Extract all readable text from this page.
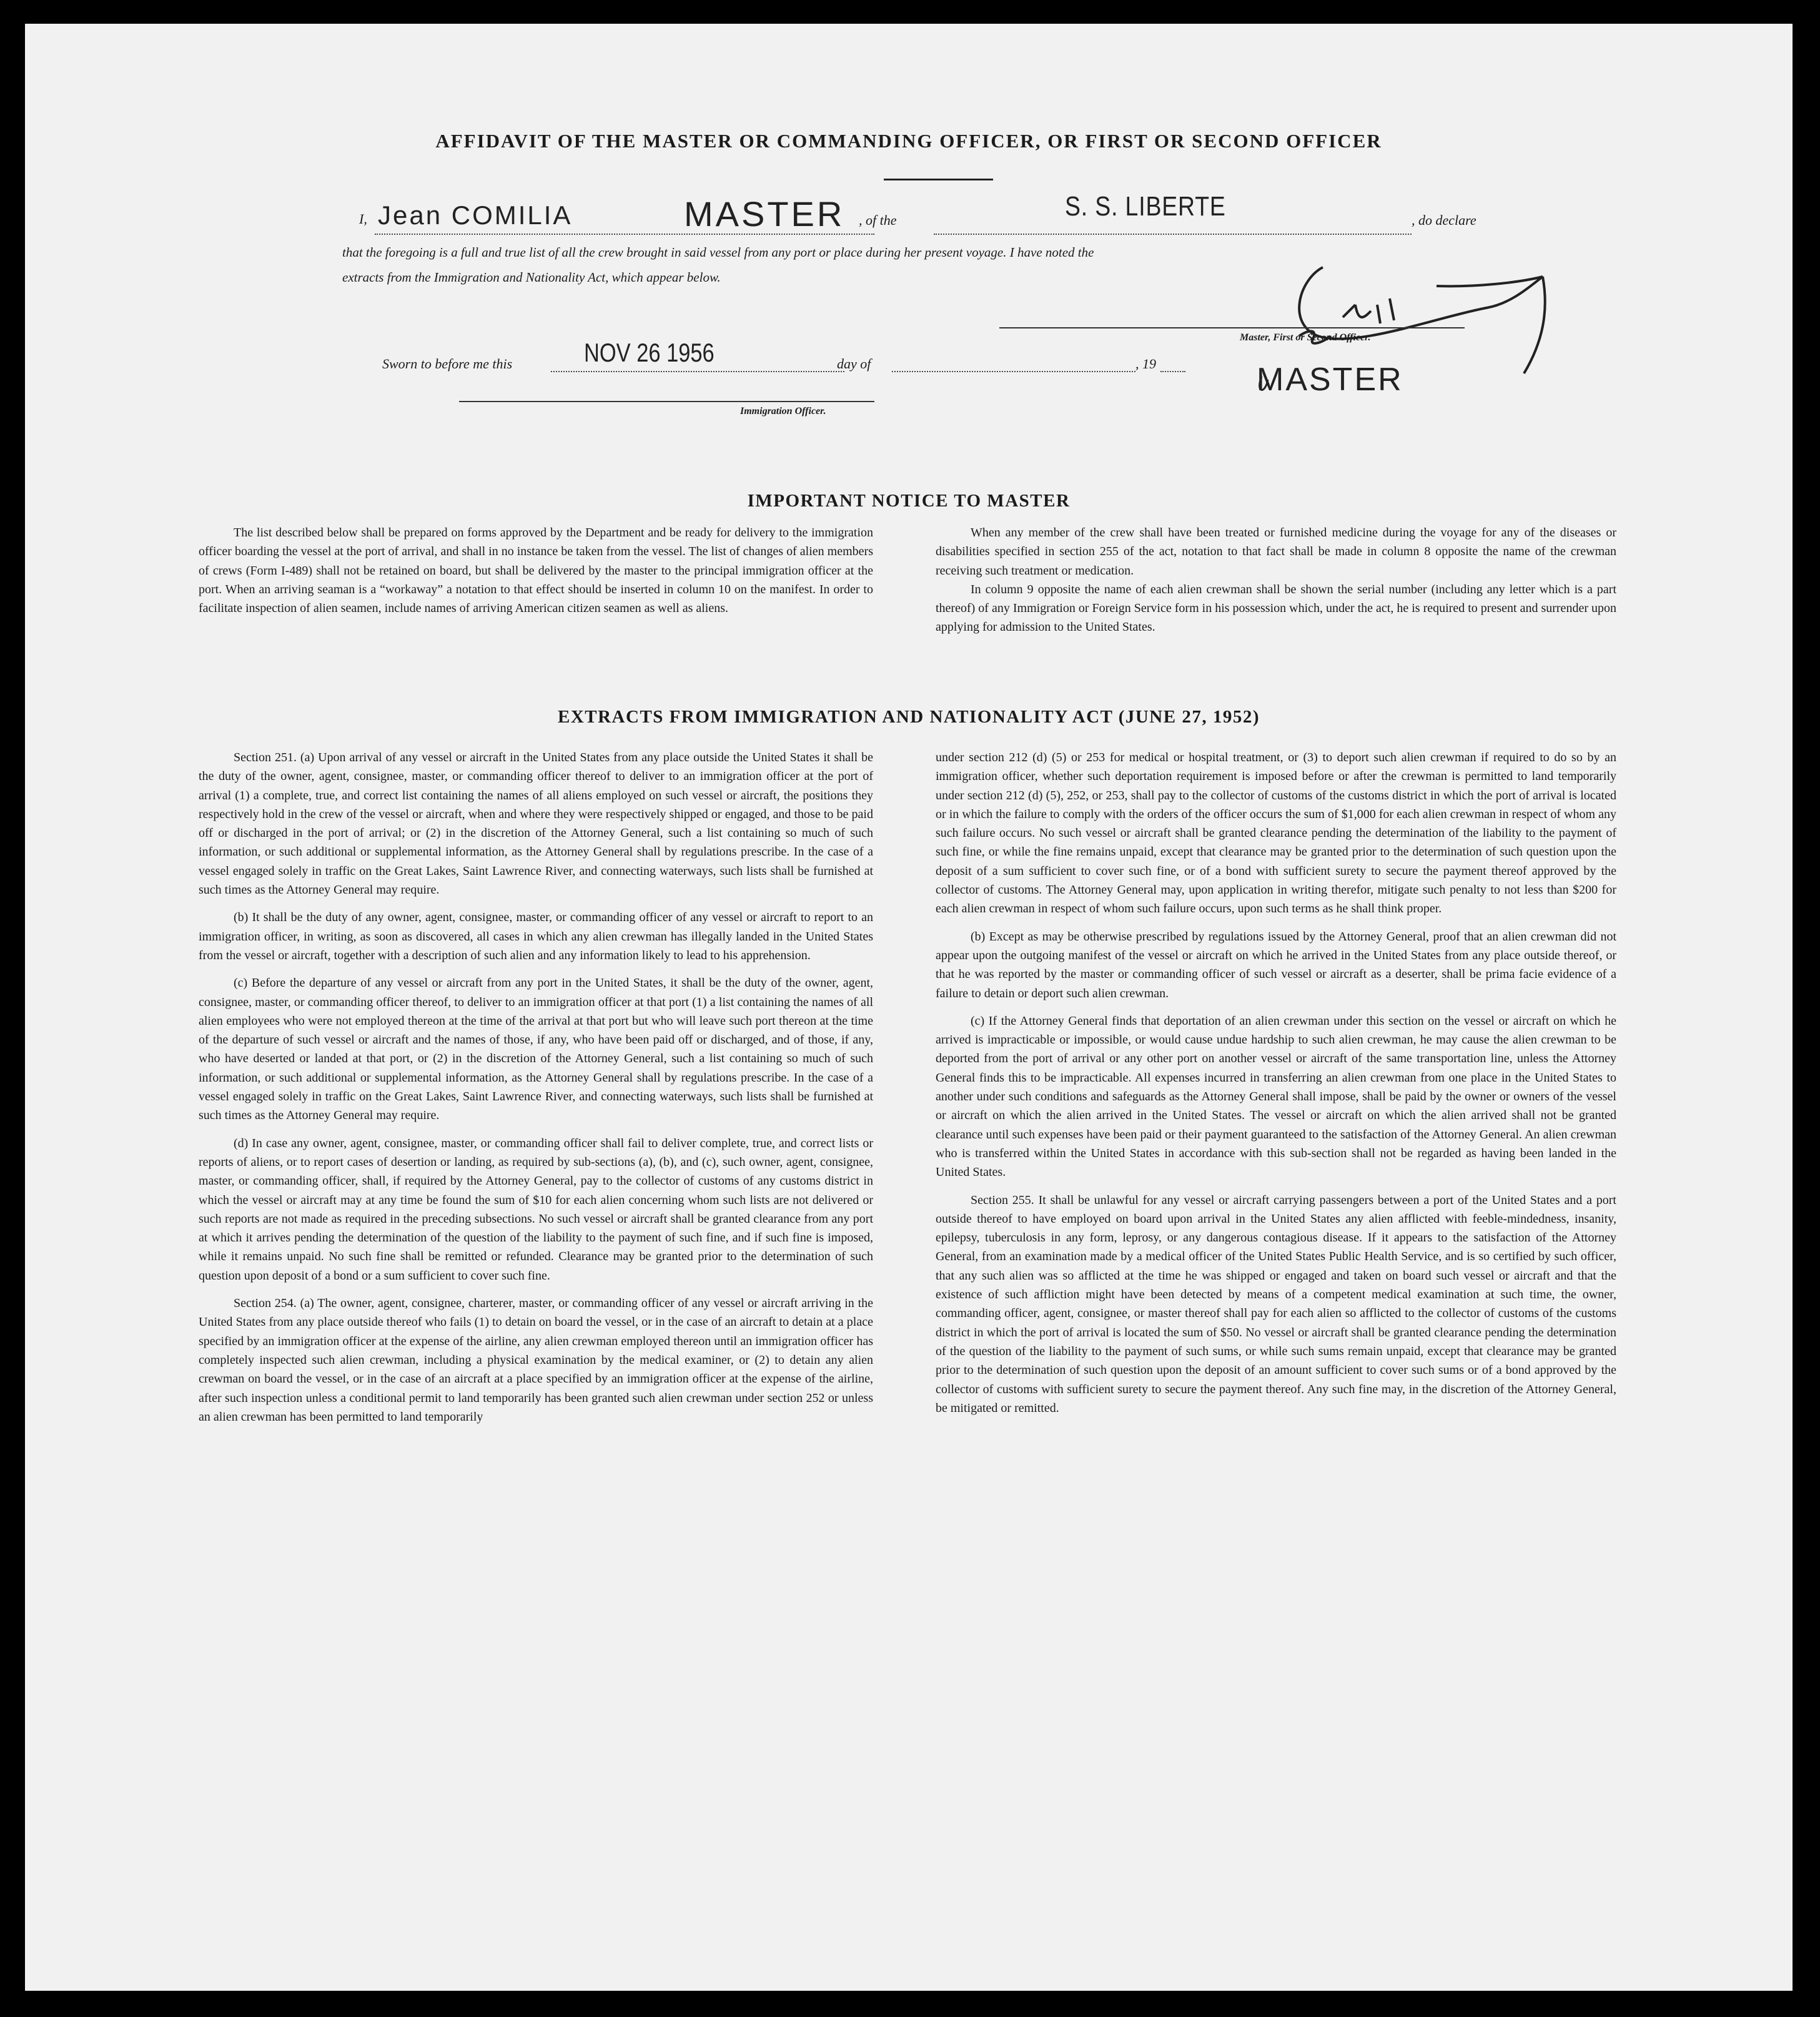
AFFIDAVIT OF THE MASTER OR COMMANDING OFFICER, OR FIRST OR SECOND OFFICER
I, Jean COMILIA	MASTER , of the	S. S. LIBERTE	, do declare
that the foregoing is a full and true list of all the crew brought in said vessel from any port or place during her present voyage. I have noted the
extracts from the Immigration and Nationality Act, which appear below.
Master, First or Second Officer.
MASTER
Sworn to before me this	NOV 26 1956	day of	, 19
Immigration Officer.
IMPORTANT NOTICE TO MASTER

The list described below shall be prepared on forms approved by the Department and be ready for delivery to the immigration officer boarding the vessel at the port of arrival, and shall in no instance be taken from the vessel. The list of changes of alien members of crews (Form I-489) shall not be retained on board, but shall be delivered by the master to the principal immigration officer at the port. When an arriving seaman is a “workaway” a notation to that effect should be inserted in column 10 on the manifest. In order to facilitate inspection of alien seamen, include names of arriving American citizen seamen as well as aliens.

When any member of the crew shall have been treated or furnished medicine during the voyage for any of the diseases or disabilities specified in section 255 of the act, notation to that fact shall be made in column 8 opposite the name of the crewman receiving such treatment or medication.

In column 9 opposite the name of each alien crewman shall be shown the serial number (including any letter which is a part thereof) of any Immigration or Foreign Service form in his possession which, under the act, he is required to present and surrender upon applying for admission to the United States.

EXTRACTS FROM IMMIGRATION AND NATIONALITY ACT (JUNE 27, 1952)

Section 251. (a) Upon arrival of any vessel or aircraft in the United States from any place outside the United States it shall be the duty of the owner, agent, consignee, master, or commanding officer thereof to deliver to an immigration officer at the port of arrival (1) a complete, true, and correct list containing the names of all aliens employed on such vessel or aircraft, the positions they respectively hold in the crew of the vessel or aircraft, when and where they were respectively shipped or engaged, and those to be paid off or discharged in the port of arrival; or (2) in the discretion of the Attorney General, such a list containing so much of such information, or such additional or supplemental information, as the Attorney General shall by regulations prescribe. In the case of a vessel engaged solely in traffic on the Great Lakes, Saint Lawrence River, and connecting waterways, such lists shall be furnished at such times as the Attorney General may require.

(b) It shall be the duty of any owner, agent, consignee, master, or commanding officer of any vessel or aircraft to report to an immigration officer, in writing, as soon as discovered, all cases in which any alien crewman has illegally landed in the United States from the vessel or aircraft, together with a description of such alien and any information likely to lead to his apprehension.

(c) Before the departure of any vessel or aircraft from any port in the United States, it shall be the duty of the owner, agent, consignee, master, or commanding officer thereof, to deliver to an immigration officer at that port (1) a list containing the names of all alien employees who were not employed thereon at the time of the arrival at that port but who will leave such port thereon at the time of the departure of such vessel or aircraft and the names of those, if any, who have been paid off or discharged, and of those, if any, who have deserted or landed at that port, or (2) in the discretion of the Attorney General, such a list containing so much of such information, or such additional or supplemental information, as the Attorney General shall by regulations prescribe. In the case of a vessel engaged solely in traffic on the Great Lakes, Saint Lawrence River, and connecting waterways, such lists shall be furnished at such times as the Attorney General may require.

(d) In case any owner, agent, consignee, master, or commanding officer shall fail to deliver complete, true, and correct lists or reports of aliens, or to report cases of desertion or landing, as required by sub-sections (a), (b), and (c), such owner, agent, consignee, master, or commanding officer, shall, if required by the Attorney General, pay to the collector of customs of any customs district in which the vessel or aircraft may at any time be found the sum of $10 for each alien concerning whom such lists are not delivered or such reports are not made as required in the preceding subsections. No such vessel or aircraft shall be granted clearance from any port at which it arrives pending the determination of the question of the liability to the payment of such fine, and if such fine is imposed, while it remains unpaid. No such fine shall be remitted or refunded. Clearance may be granted prior to the determination of such question upon deposit of a bond or a sum sufficient to cover such fine.

Section 254. (a) The owner, agent, consignee, charterer, master, or commanding officer of any vessel or aircraft arriving in the United States from any place outside thereof who fails (1) to detain on board the vessel, or in the case of an aircraft to detain at a place specified by an immigration officer at the expense of the airline, any alien crewman employed thereon until an immigration officer has completely inspected such alien crewman, including a physical examination by the medical examiner, or (2) to detain any alien crewman on board the vessel, or in the case of an aircraft at a place specified by an immigration officer at the expense of the airline, after such inspection unless a conditional permit to land temporarily has been granted such alien crewman under section 252 or unless an alien crewman has been permitted to land temporarily

under section 212 (d) (5) or 253 for medical or hospital treatment, or (3) to deport such alien crewman if required to do so by an immigration officer, whether such deportation requirement is imposed before or after the crewman is permitted to land temporarily under section 212 (d) (5), 252, or 253, shall pay to the collector of customs of the customs district in which the port of arrival is located or in which the failure to comply with the orders of the officer occurs the sum of $1,000 for each alien crewman in respect of whom any such failure occurs. No such vessel or aircraft shall be granted clearance pending the determination of the liability to the payment of such fine, or while the fine remains unpaid, except that clearance may be granted prior to the determination of such question upon the deposit of a sum sufficient to cover such fine, or of a bond with sufficient surety to secure the payment thereof approved by the collector of customs. The Attorney General may, upon application in writing therefor, mitigate such penalty to not less than $200 for each alien crewman in respect of whom such failure occurs, upon such terms as he shall think proper.

(b) Except as may be otherwise prescribed by regulations issued by the Attorney General, proof that an alien crewman did not appear upon the outgoing manifest of the vessel or aircraft on which he arrived in the United States from any place outside thereof, or that he was reported by the master or commanding officer of such vessel or aircraft as a deserter, shall be prima facie evidence of a failure to detain or deport such alien crewman.

(c) If the Attorney General finds that deportation of an alien crewman under this section on the vessel or aircraft on which he arrived is impracticable or impossible, or would cause undue hardship to such alien crewman, he may cause the alien crewman to be deported from the port of arrival or any other port on another vessel or aircraft of the same transportation line, unless the Attorney General finds this to be impracticable. All expenses incurred in transferring an alien crewman from one place in the United States to another under such conditions and safeguards as the Attorney General shall impose, shall be paid by the owner or owners of the vessel or aircraft on which the alien arrived in the United States. The vessel or aircraft on which the alien arrived shall not be granted clearance until such expenses have been paid or their payment guaranteed to the satisfaction of the Attorney General. An alien crewman who is transferred within the United States in accordance with this sub-section shall not be regarded as having been landed in the United States.

Section 255. It shall be unlawful for any vessel or aircraft carrying passengers between a port of the United States and a port outside thereof to have employed on board upon arrival in the United States any alien afflicted with feeble-mindedness, insanity, epilepsy, tuberculosis in any form, leprosy, or any dangerous contagious disease. If it appears to the satisfaction of the Attorney General, from an examination made by a medical officer of the United States Public Health Service, and is so certified by such officer, that any such alien was so afflicted at the time he was shipped or engaged and taken on board such vessel or aircraft and that the existence of such affliction might have been detected by means of a competent medical examination at such time, the owner, commanding officer, agent, consignee, or master thereof shall pay for each alien so afflicted to the collector of customs of the customs district in which the port of arrival is located the sum of $50. No vessel or aircraft shall be granted clearance pending the determination of the question of the liability to the payment of such sums, or while such sums remain unpaid, except that clearance may be granted prior to the determination of such question upon the deposit of an amount sufficient to cover such sums or of a bond approved by the collector of customs with sufficient surety to secure the payment thereof. Any such fine may, in the discretion of the Attorney General, be mitigated or remitted.
